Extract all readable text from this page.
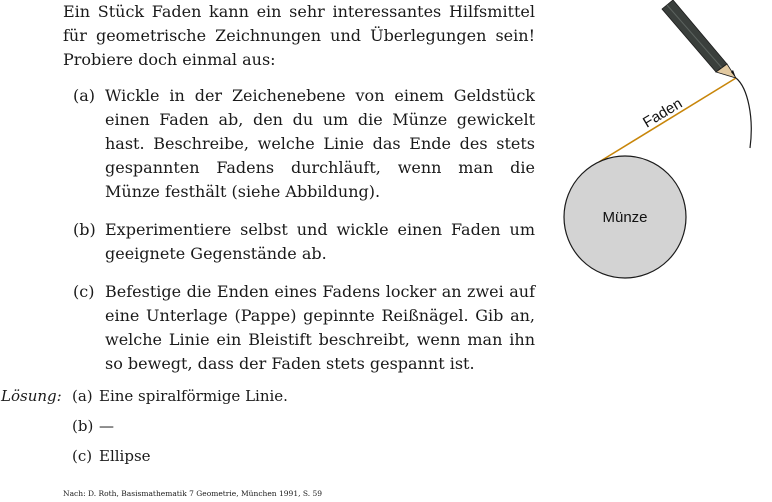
Ein Stück Faden kann ein sehr interessantes Hilfsmittel für geometrische Zeichnungen und Überlegungen sein! Probiere doch einmal aus:

(a) Wickle in der Zeichenebene von einem Geldstück einen Faden ab, den du um die Münze gewickelt hast. Beschreibe, welche Linie das Ende des stets gespannten Fadens durchläuft, wenn man die Münze festhält (siehe Abbildung).
(b) Experimentiere selbst und wickle einen Faden um geeignete Gegenstände ab.
(c) Befestige die Enden eines Fadens locker an zwei auf eine Unterlage (Pappe) gepinnte Reißnägel. Gib an, welche Linie ein Bleistift beschreibt, wenn man ihn so bewegt, dass der Faden stets gespannt ist.
Lösung: (a) Eine spiralförmige Linie.
(b) —
(c) Ellipse
Nach: D. Roth, Basismathematik 7 Geometrie, München 1991, S. 59
Münze
Faden
